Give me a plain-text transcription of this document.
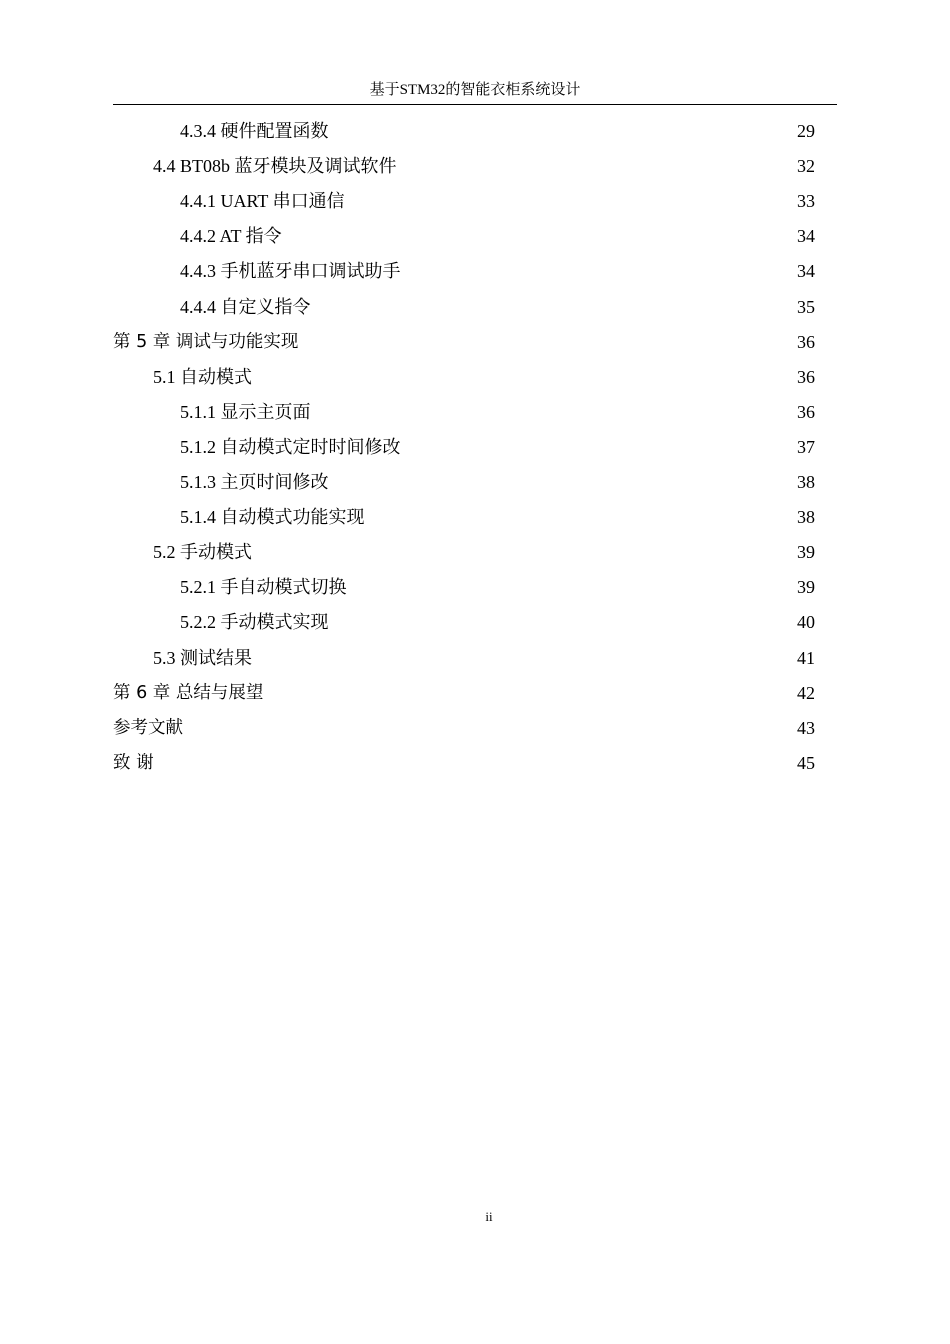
基于STM32的智能衣柜系统设计
4.3.4 硬件配置函数	29
4.4 BT08b 蓝牙模块及调试软件	32
4.4.1 UART 串口通信	33
4.4.2 AT 指令	34
4.4.3 手机蓝牙串口调试助手	34
4.4.4 自定义指令	35
第 5 章 调试与功能实现	36
5.1 自动模式	36
5.1.1 显示主页面	36
5.1.2 自动模式定时时间修改	37
5.1.3 主页时间修改	38
5.1.4 自动模式功能实现	38
5.2 手动模式	39
5.2.1 手自动模式切换	39
5.2.2 手动模式实现	40
5.3 测试结果	41
第 6 章 总结与展望	42
参考文献	43
致 谢	45
ii
